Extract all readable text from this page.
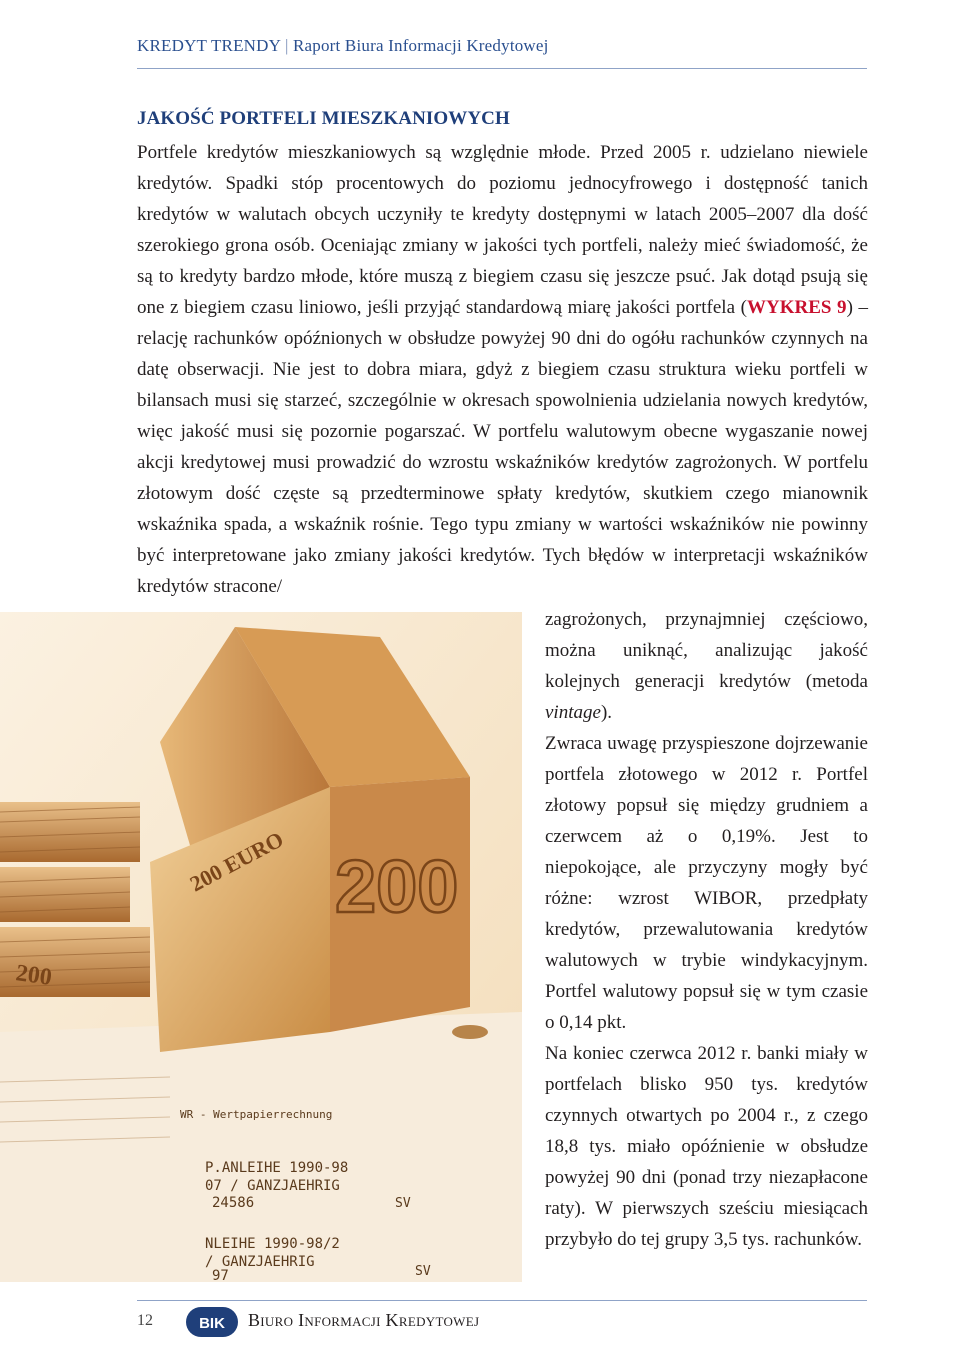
KREDYT TRENDY | Raport Biura Informacji Kredytowej
JAKOŚĆ PORTFELI MIESZKANIOWYCH

Portfele kredytów mieszkaniowych są względnie młode. Przed 2005 r. udzielano niewiele kredytów. Spadki stóp procentowych do poziomu jednocyfrowego i dostępność tanich kredytów w walutach obcych uczyniły te kredyty dostępnymi w latach 2005–2007 dla dość szerokiego grona osób. Oceniając zmiany w jakości tych portfeli, należy mieć świadomość, że są to kredyty bardzo młode, które muszą z biegiem czasu się jeszcze psuć. Jak dotąd psują się one z biegiem czasu liniowo, jeśli przyjąć standardową miarę jakości portfela (WYKRES 9) – relację rachunków opóźnionych w obsłudze powyżej 90 dni do ogółu rachunków czynnych na datę obserwacji. Nie jest to dobra miara, gdyż z biegiem czasu struktura wieku portfeli w bilansach musi się starzeć, szczególnie w okresach spowolnienia udzielania nowych kredytów, więc jakość musi się pozornie pogarszać. W portfelu walutowym obecne wygaszanie nowej akcji kredytowej musi prowadzić do wzrostu wskaźników kredytów zagrożonych. W portfelu złotowym dość częste są przedterminowe spłaty kredytów, skutkiem czego mianownik wskaźnika spada, a wskaźnik rośnie. Tego typu zmiany w wartości wskaźników nie powinny być interpretowane jako zmiany jakości kredytów. Tych błędów w interpretacji wskaźników kredytów stracone/

zagrożonych, przynajmniej częściowo, można uniknąć, analizując jakość kolejnych generacji kredytów (metoda vintage).

Zwraca uwagę przyspieszone dojrzewanie portfela złotowego w 2012 r. Portfel złotowy popsuł się między grudniem a czerwcem aż o 0,19%. Jest to niepokojące, ale przyczyny mogły być różne: wzrost WIBOR, przedpłaty kredytów, przewalutowania kredytów walutowych w trybie windykacyjnym. Portfel walutowy popsuł się w tym czasie o 0,14 pkt.

Na koniec czerwca 2012 r. banki miały w portfelach blisko 950 tys. kredytów czynnych otwartych po 2004 r., z czego 18,8 tys. miało opóźnienie w obsłudze powyżej 90 dni (ponad trzy niezapłacone raty). W pierwszych sześciu miesiącach przybyło do tej grupy 3,5 tys. rachunków.

200 EURO 200
200
WR - Wertpapierrechnung
P.ANLEIHE 1990-98
07 / GANZJAEHRIG
24586	SV
NLEIHE 1990-98/2
/ GANZJAEHRIG
97	SV
12	BIK Biuro Informacji Kredytowej
